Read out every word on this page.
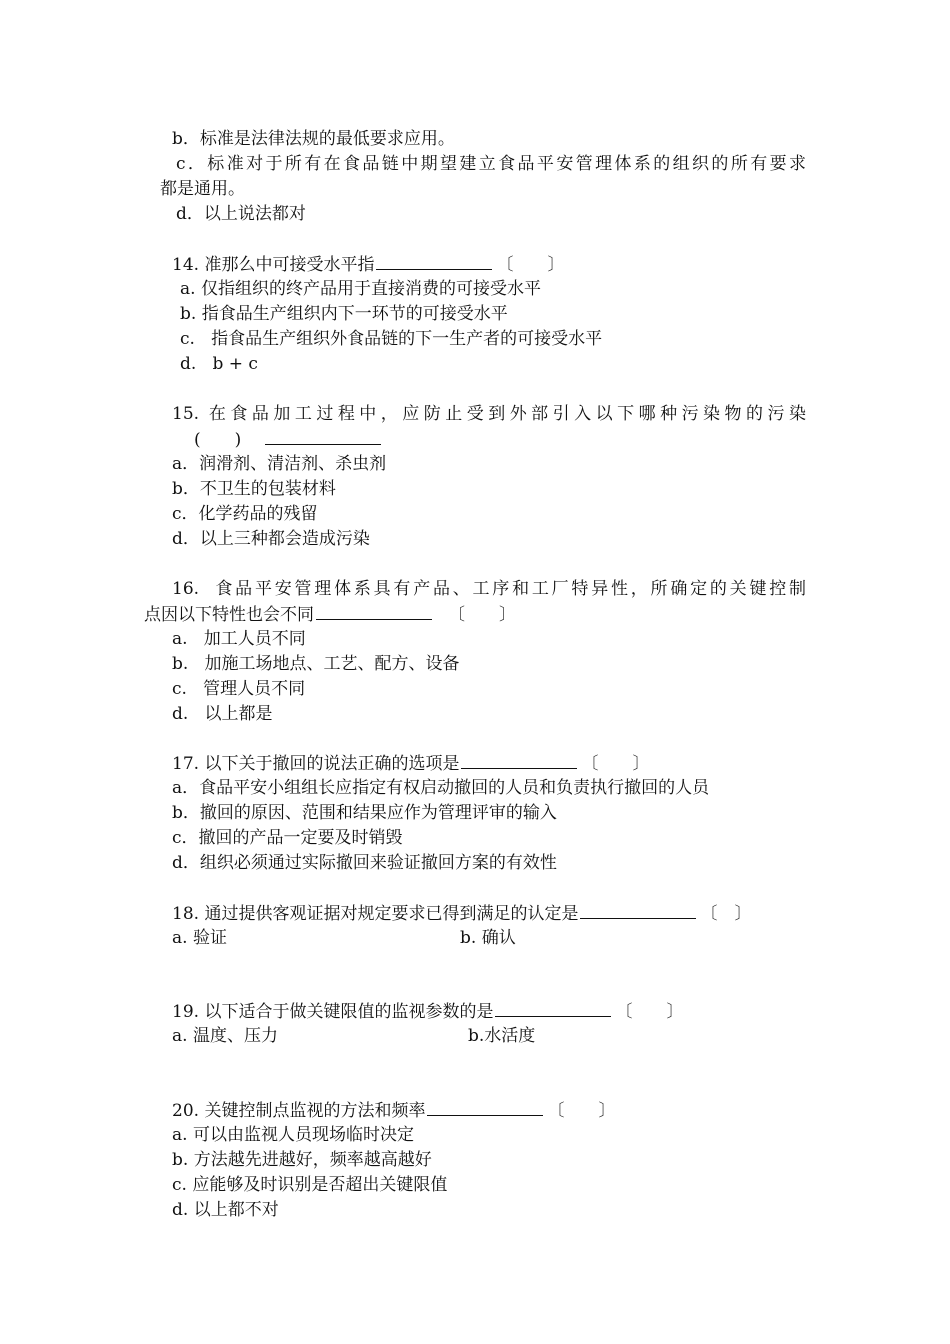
b．标准是法律法规的最低要求应用。
c．标准对于所有在食品链中期望建立食品平安管理体系的组织的所有要求
都是通用。
d．以上说法都对
14. 准那么中可接受水平指	〔　　〕
a. 仅指组织的终产品用于直接消费的可接受水平
b. 指食品生产组织内下一环节的可接受水平
c.   指食品生产组织外食品链的下一生产者的可接受水平
d.   b + c
15. 在食品加工过程中，应防止受到外部引入以下哪种污染物的污染
(　　)
a．润滑剂、清洁剂、杀虫剂
b．不卫生的包装材料
c．化学药品的残留
d．以上三种都会造成污染
16.  食品平安管理体系具有产品、工序和工厂特异性，所确定的关键控制
点因以下特性也会不同	〔　　〕
a.   加工人员不同
b.   加施工场地点、工艺、配方、设备
c.   管理人员不同
d.   以上都是
17. 以下关于撤回的说法正确的选项是	〔　　〕
a．食品平安小组组长应指定有权启动撤回的人员和负责执行撤回的人员
b．撤回的原因、范围和结果应作为管理评审的输入
c．撤回的产品一定要及时销毁
d．组织必须通过实际撤回来验证撤回方案的有效性
18. 通过提供客观证据对规定要求已得到满足的认定是	〔　〕
a. 验证	b. 确认
19. 以下适合于做关键限值的监视参数的是	〔　　〕
a. 温度、压力	b.水活度
20. 关键控制点监视的方法和频率	〔　　〕
a. 可以由监视人员现场临时决定
b. 方法越先进越好，频率越高越好
c. 应能够及时识别是否超出关键限值
d. 以上都不对
